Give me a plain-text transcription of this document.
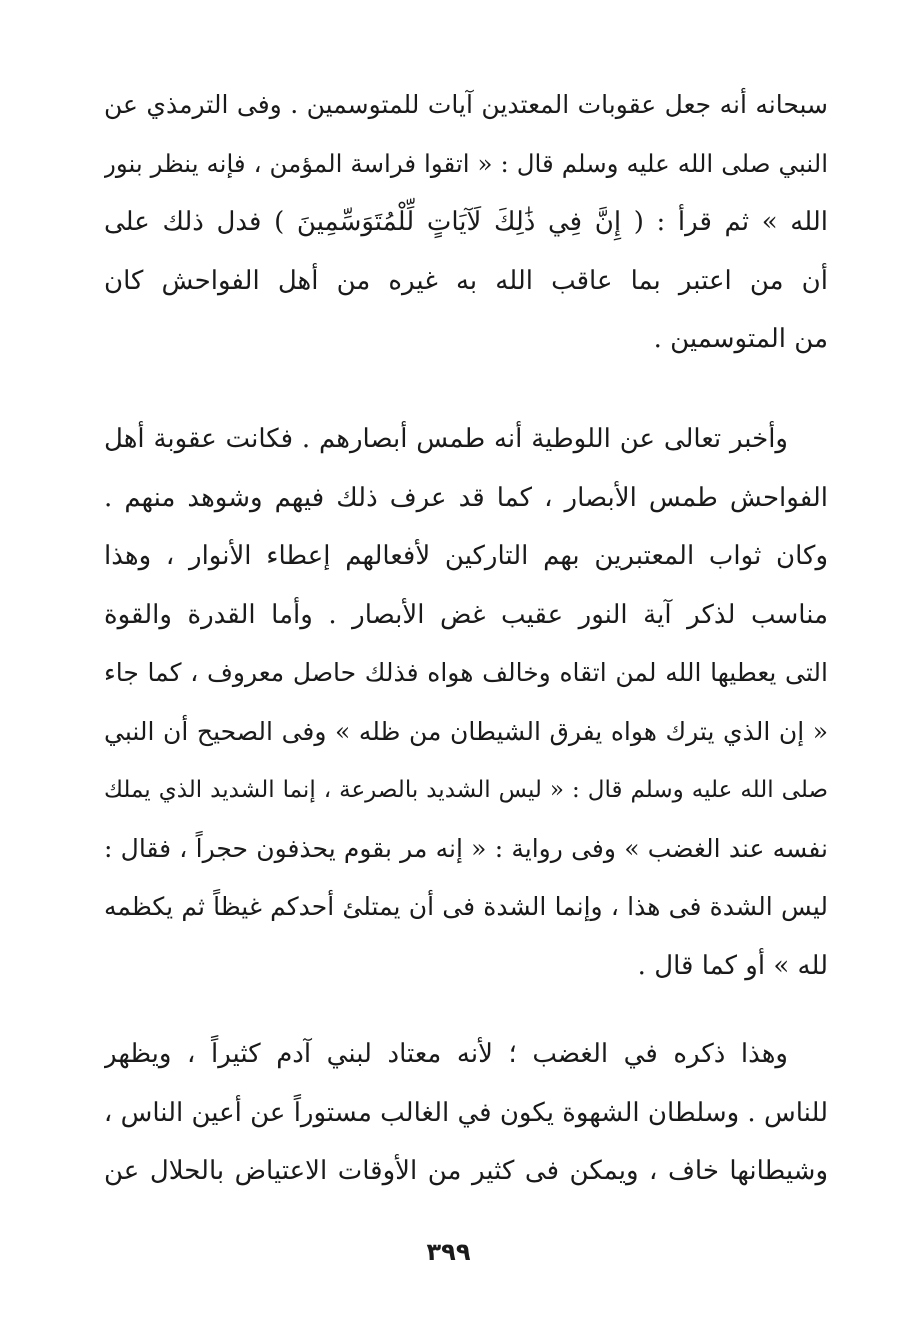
سبحانه أنه جعل عقوبات المعتدين آيات للمتوسمين . وفى الترمذي عن
النبي صلى الله عليه وسلم قال : « اتقوا فراسة المؤمن ، فإنه ينظر بنور
الله » ثم قرأ : ( إِنَّ فِي ذَٰلِكَ لَآيَاتٍ لِّلْمُتَوَسِّمِينَ ) فدل ذلك على
أن من اعتبر بما عاقب الله به غيره من أهل الفواحش كان
من المتوسمين .
وأخبر تعالى عن اللوطية أنه طمس أبصارهم . فكانت عقوبة أهل
الفواحش طمس الأبصار ، كما قد عرف ذلك فيهم وشوهد منهم .
وكان ثواب المعتبرين بهم التاركين لأفعالهم إعطاء الأنوار ، وهذا
مناسب لذكر آية النور عقيب غض الأبصار . وأما القدرة والقوة
التى يعطيها الله لمن اتقاه وخالف هواه فذلك حاصل معروف ، كما جاء
« إن الذي يترك هواه يفرق الشيطان من ظله » وفى الصحيح أن النبي
صلى الله عليه وسلم قال : « ليس الشديد بالصرعة ، إنما الشديد الذي يملك
نفسه عند الغضب » وفى رواية : « إنه مر بقوم يحذفون حجراً ، فقال :
ليس الشدة فى هذا ، وإنما الشدة فى أن يمتلئ أحدكم غيظاً ثم يكظمه
لله » أو كما قال .
وهذا ذكره في الغضب ؛ لأنه معتاد لبني آدم كثيراً ، ويظهر
للناس . وسلطان الشهوة يكون في الغالب مستوراً عن أعين الناس ،
وشيطانها خاف ، ويمكن فى كثير من الأوقات الاعتياض بالحلال عن
٣٩٩
